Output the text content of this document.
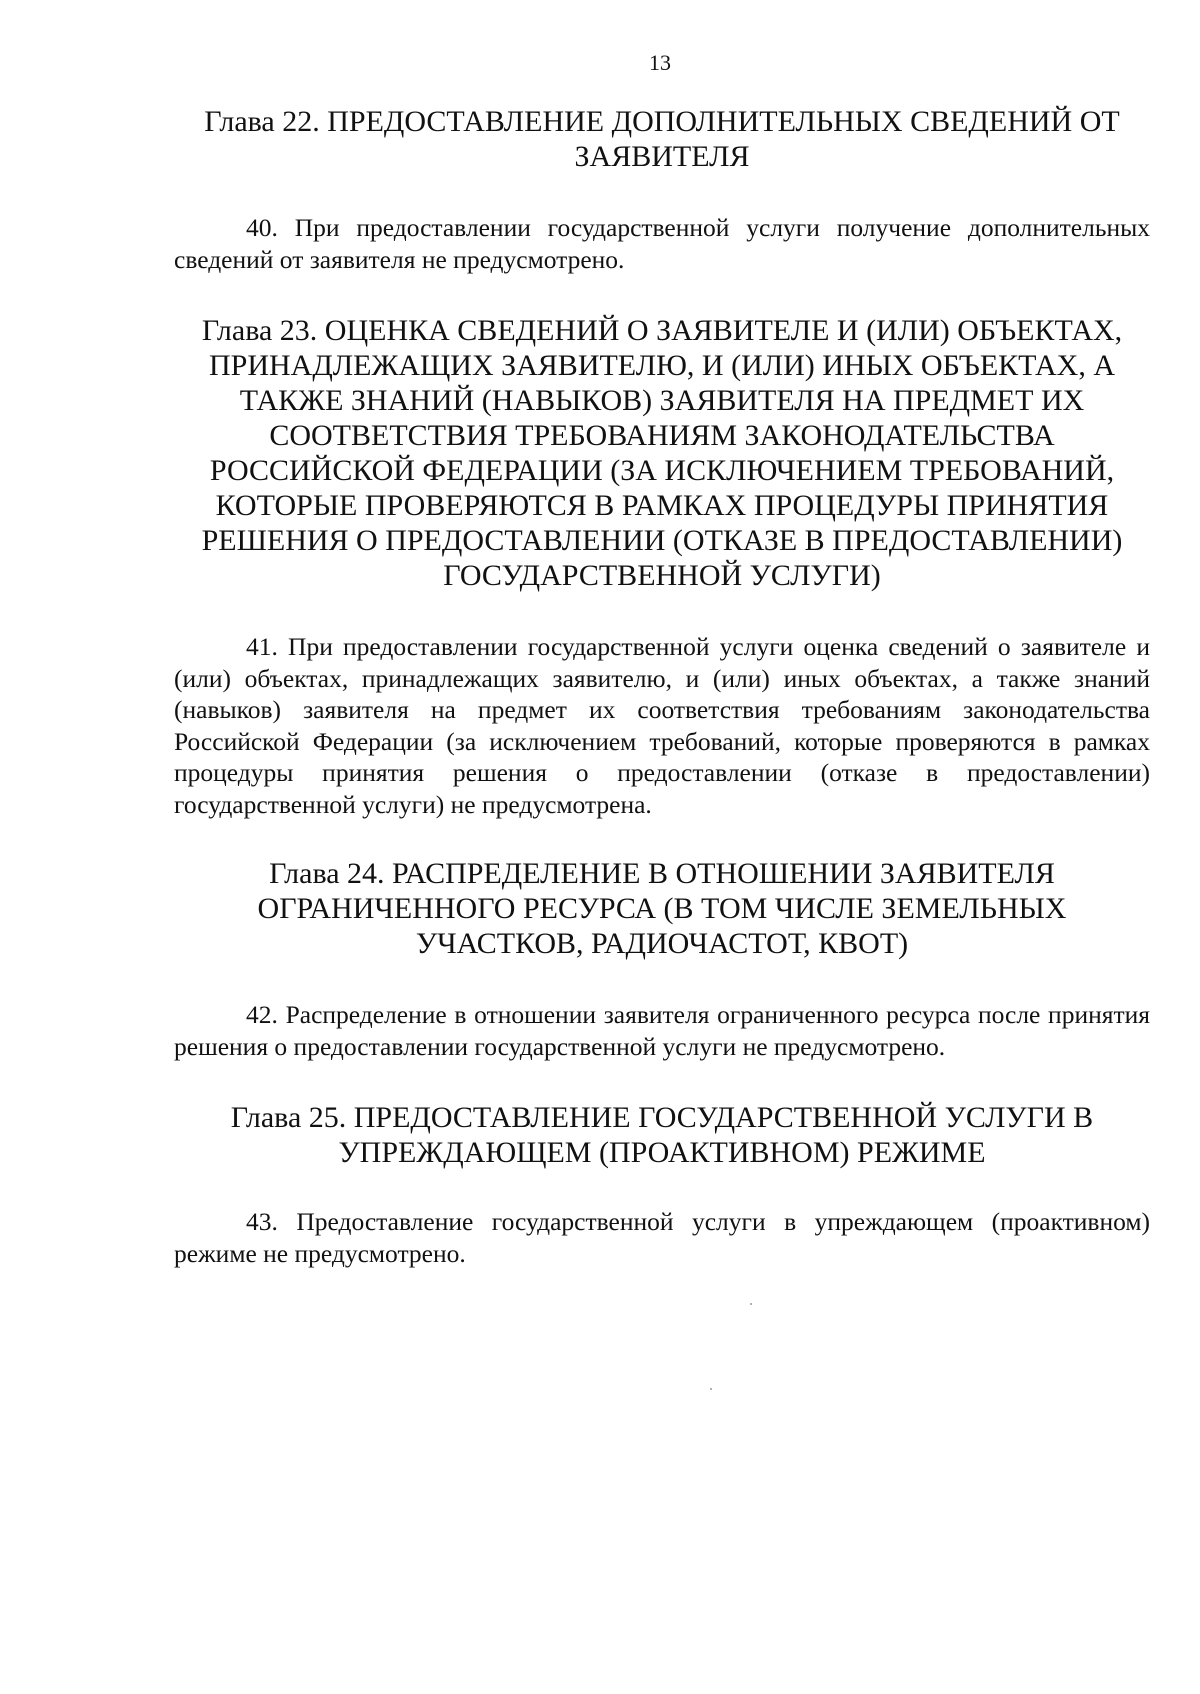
13
Глава 22. ПРЕДОСТАВЛЕНИЕ ДОПОЛНИТЕЛЬНЫХ СВЕДЕНИЙ ОТ ЗАЯВИТЕЛЯ

40. При предоставлении государственной услуги получение дополнительных сведений от заявителя не предусмотрено.

Глава 23. ОЦЕНКА СВЕДЕНИЙ О ЗАЯВИТЕЛЕ И (ИЛИ) ОБЪЕКТАХ, ПРИНАДЛЕЖАЩИХ ЗАЯВИТЕЛЮ, И (ИЛИ) ИНЫХ ОБЪЕКТАХ, А ТАКЖЕ ЗНАНИЙ (НАВЫКОВ) ЗАЯВИТЕЛЯ НА ПРЕДМЕТ ИХ СООТВЕТСТВИЯ ТРЕБОВАНИЯМ ЗАКОНОДАТЕЛЬСТВА РОССИЙСКОЙ ФЕДЕРАЦИИ (ЗА ИСКЛЮЧЕНИЕМ ТРЕБОВАНИЙ, КОТОРЫЕ ПРОВЕРЯЮТСЯ В РАМКАХ ПРОЦЕДУРЫ ПРИНЯТИЯ РЕШЕНИЯ О ПРЕДОСТАВЛЕНИИ (ОТКАЗЕ В ПРЕДОСТАВЛЕНИИ) ГОСУДАРСТВЕННОЙ УСЛУГИ)

41. При предоставлении государственной услуги оценка сведений о заявителе и (или) объектах, принадлежащих заявителю, и (или) иных объектах, а также знаний (навыков) заявителя на предмет их соответствия требованиям законодательства Российской Федерации (за исключением требований, которые проверяются в рамках процедуры принятия решения о предоставлении (отказе в предоставлении) государственной услуги) не предусмотрена.

Глава 24. РАСПРЕДЕЛЕНИЕ В ОТНОШЕНИИ ЗАЯВИТЕЛЯ ОГРАНИЧЕННОГО РЕСУРСА (В ТОМ ЧИСЛЕ ЗЕМЕЛЬНЫХ УЧАСТКОВ, РАДИОЧАСТОТ, КВОТ)

42. Распределение в отношении заявителя ограниченного ресурса после принятия решения о предоставлении государственной услуги не предусмотрено.

Глава 25. ПРЕДОСТАВЛЕНИЕ ГОСУДАРСТВЕННОЙ УСЛУГИ В УПРЕЖДАЮЩЕМ (ПРОАКТИВНОМ) РЕЖИМЕ

43. Предоставление государственной услуги в упреждающем (проактивном) режиме не предусмотрено.
